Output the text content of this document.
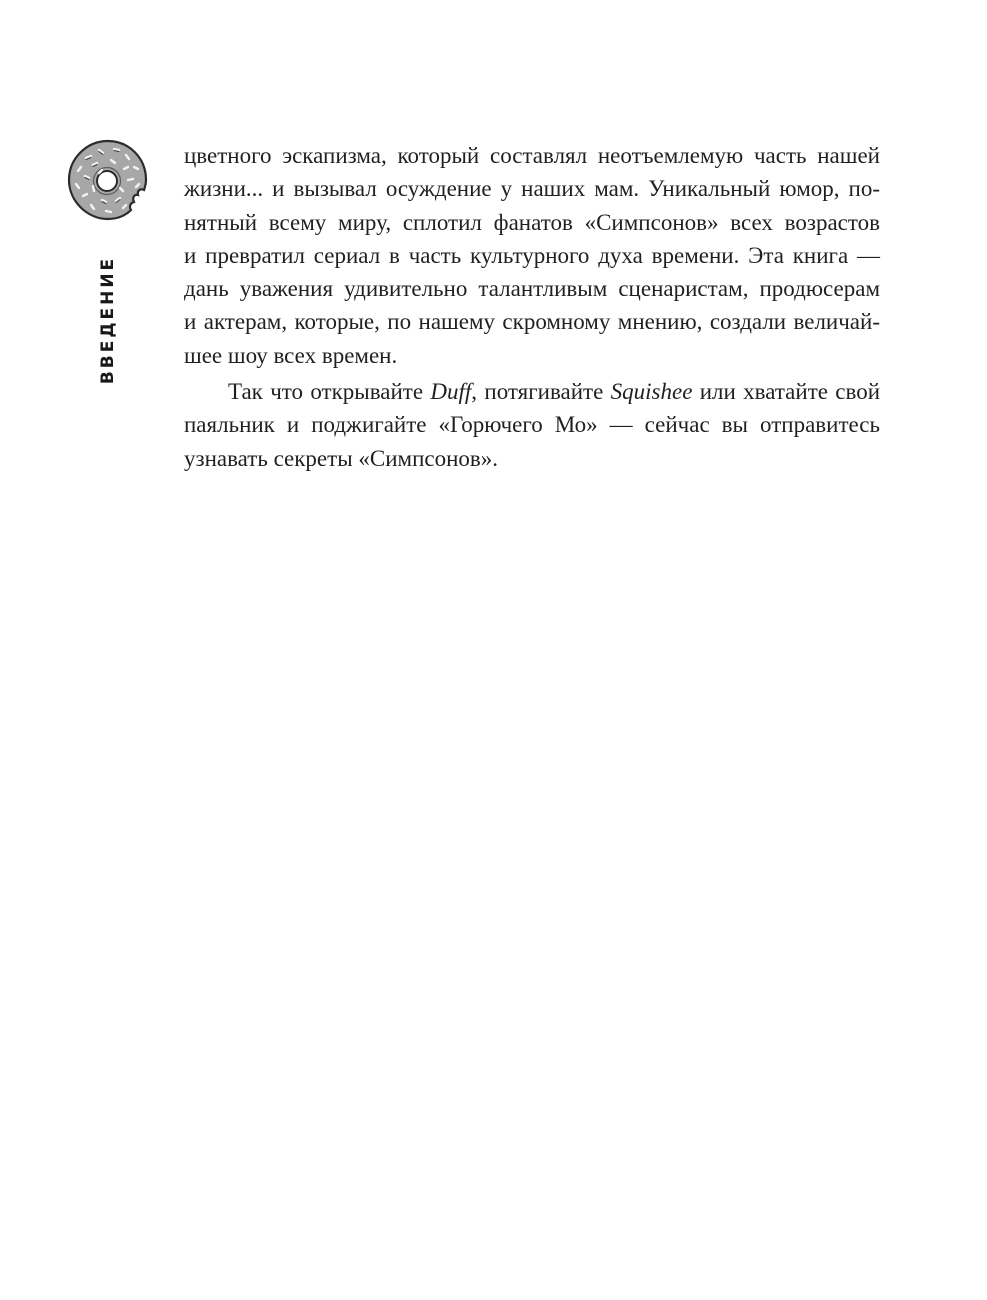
ВВЕДЕНИЕ
цветного эскапизма, который составлял неотъемлемую часть нашей
жизни... и вызывал осуждение у наших мам. Уникальный юмор, по-
нятный всему миру, сплотил фанатов «Симпсонов» всех возрастов
и превратил сериал в часть культурного духа времени. Эта книга —
дань уважения удивительно талантливым сценаристам, продюсерам
и актерам, которые, по нашему скромному мнению, создали величай-
шее шоу всех времен.
Так что открывайте Duff, потягивайте Squishee или хватайте свой
паяльник и поджигайте «Горючего Мо» — сейчас вы отправитесь
узнавать секреты «Симпсонов».
